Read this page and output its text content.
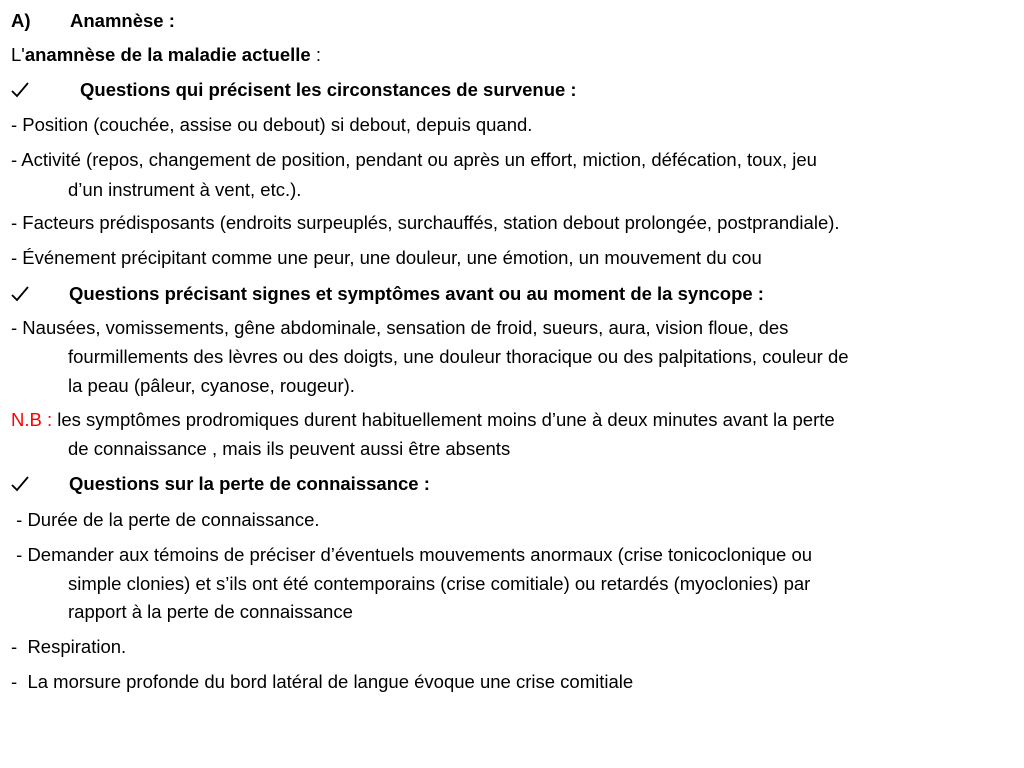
A) Anamnèse :
L'anamnèse de la maladie actuelle :
Questions qui précisent les circonstances de survenue :
- Position (couchée, assise ou debout) si debout, depuis quand.
- Activité (repos, changement de position, pendant ou après un effort, miction, défécation, toux, jeu
d’un instrument à vent, etc.).
- Facteurs prédisposants (endroits surpeuplés, surchauffés, station debout prolongée, postprandiale).
- Événement précipitant comme une peur, une douleur, une émotion, un mouvement du cou
Questions précisant signes et symptômes avant ou au moment de la syncope :
- Nausées, vomissements, gêne abdominale, sensation de froid, sueurs, aura, vision floue, des
fourmillements des lèvres ou des doigts, une douleur thoracique ou des palpitations, couleur de
la peau (pâleur, cyanose, rougeur).
N.B : les symptômes prodromiques durent habituellement moins d’une à deux minutes avant la perte
de connaissance , mais ils peuvent aussi être absents
Questions sur la perte de connaissance :
- Durée de la perte de connaissance.
- Demander aux témoins de préciser d’éventuels mouvements anormaux (crise tonicoclonique ou
simple clonies) et s’ils ont été contemporains (crise comitiale) ou retardés (myoclonies) par
rapport à la perte de connaissance
-  Respiration.
-  La morsure profonde du bord latéral de langue évoque une crise comitiale
